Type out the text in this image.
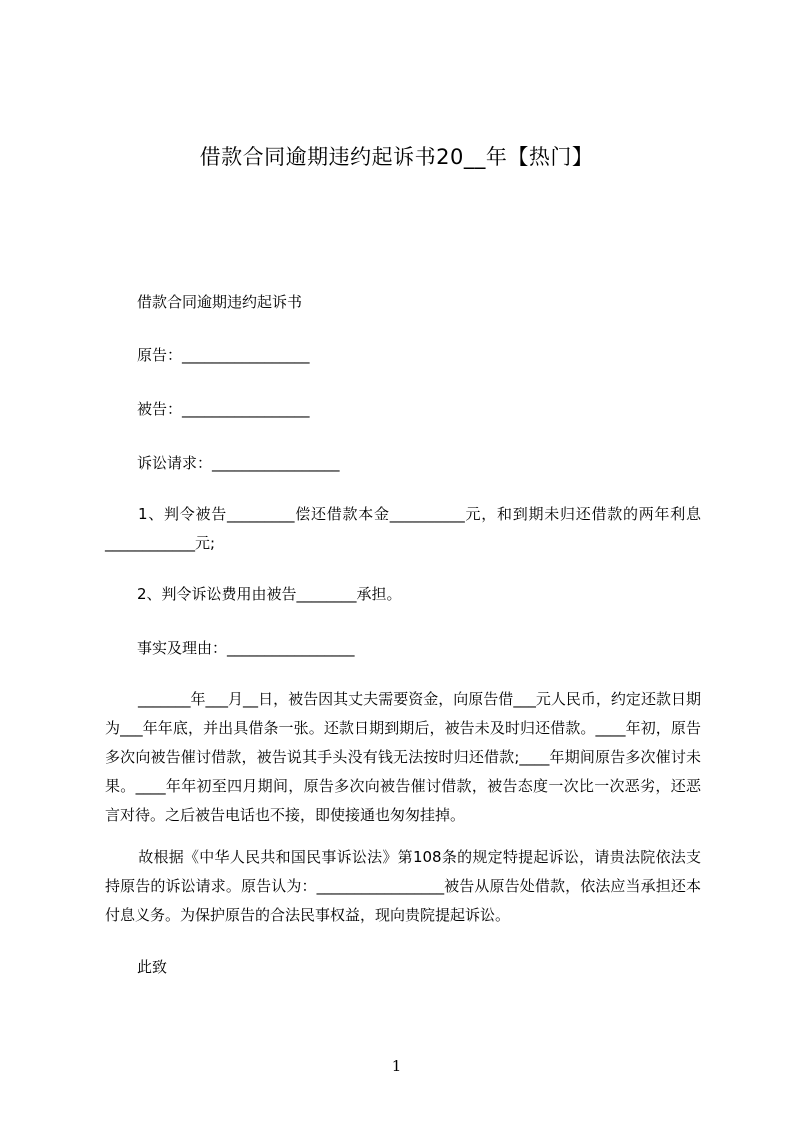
借款合同逾期违约起诉书20__年【热门】
借款合同逾期违约起诉书
原告：_________________
被告：_________________
诉讼请求：_________________
1、判令被告_________偿还借款本金__________元，和到期未归还借款的两年利息____________元;
2、判令诉讼费用由被告________承担。
事实及理由：_________________
_______年___月__日，被告因其丈夫需要资金，向原告借___元人民币，约定还款日期为___年年底，并出具借条一张。还款日期到期后，被告未及时归还借款。____年初，原告多次向被告催讨借款，被告说其手头没有钱无法按时归还借款;____年期间原告多次催讨未果。____年年初至四月期间，原告多次向被告催讨借款，被告态度一次比一次恶劣，还恶言对待。之后被告电话也不接，即使接通也匆匆挂掉。
故根据《中华人民共和国民事诉讼法》第108条的规定特提起诉讼，请贵法院依法支持原告的诉讼请求。原告认为：_________________被告从原告处借款，依法应当承担还本付息义务。为保护原告的合法民事权益，现向贵院提起诉讼。
此致
1
